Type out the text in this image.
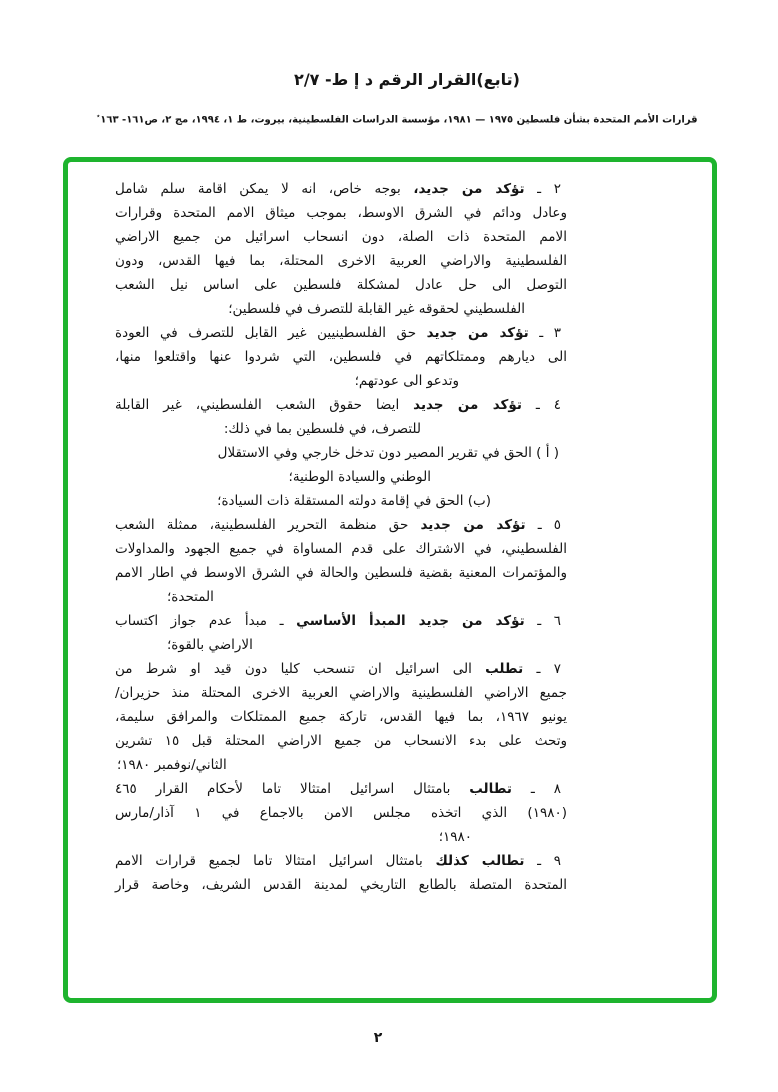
(تابع)القرار الرقم د إ ط- ٢/٧
قرارات الأمم المتحدة بشأن فلسطين ١٩٧٥ — ١٩٨١، مؤسسة الدراسات الفلسطينية، بيروت، ط ١، ١٩٩٤، مج ٢، ص١٦١- ١٦٣٭
٢ ـ تؤكد من جديد، بوجه خاص، انه لا يمكن اقامة سلم شامل
وعادل ودائم في الشرق الاوسط، بموجب ميثاق الامم المتحدة وقرارات
الامم المتحدة ذات الصلة، دون انسحاب اسرائيل من جميع الاراضي
الفلسطينية والاراضي العربية الاخرى المحتلة، بما فيها القدس، ودون
التوصل الى حل عادل لمشكلة فلسطين على اساس نيل الشعب
الفلسطيني لحقوقه غير القابلة للتصرف في فلسطين؛
٣ ـ تؤكد من جديد حق الفلسطينيين غير القابل للتصرف في العودة
الى ديارهم وممتلكاتهم في فلسطين، التي شردوا عنها واقتلعوا منها،
وتدعو الى عودتهم؛
٤ ـ تؤكد من جديد ايضا حقوق الشعب الفلسطيني، غير القابلة
للتصرف، في فلسطين بما في ذلك:
( أ ) الحق في تقرير المصير دون تدخل خارجي وفي الاستقلال
الوطني والسيادة الوطنية؛
(ب) الحق في إقامة دولته المستقلة ذات السيادة؛
٥ ـ تؤكد من جديد حق منظمة التحرير الفلسطينية، ممثلة الشعب
الفلسطيني، في الاشتراك على قدم المساواة في جميع الجهود والمداولات
والمؤتمرات المعنية بقضية فلسطين والحالة في الشرق الاوسط في اطار الامم
المتحدة؛
٦ ـ تؤكد من جديد المبدأ الأساسي ـ مبدأ عدم جواز اكتساب
الاراضي بالقوة؛
٧ ـ تطلب الى اسرائيل ان تنسحب كليا دون قيد او شرط من
جميع الاراضي الفلسطينية والاراضي العربية الاخرى المحتلة منذ حزيران/
يونيو ١٩٦٧، بما فيها القدس، تاركة جميع الممتلكات والمرافق سليمة،
وتحث على بدء الانسحاب من جميع الاراضي المحتلة قبل ١٥ تشرين
الثاني/نوفمبر ١٩٨٠؛
٨ ـ تطالب بامتثال اسرائيل امتثالا تاما لأحكام القرار ٤٦٥
(١٩٨٠) الذي اتخذه مجلس الامن بالاجماع في ١ آذار/مارس
١٩٨٠؛
٩ ـ تطالب كذلك بامتثال اسرائيل امتثالا تاما لجميع قرارات الامم
المتحدة المتصلة بالطابع التاريخي لمدينة القدس الشريف، وخاصة قرار
٢
